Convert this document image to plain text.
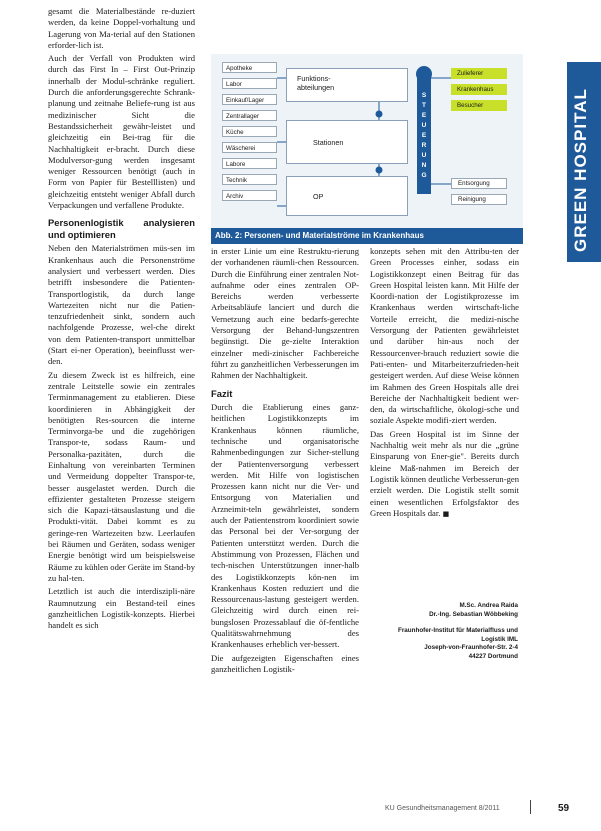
gesamt die Materialbestände re-duziert werden, da keine Doppel-vorhaltung und Lagerung von Ma-terial auf den Stationen erforder-lich ist.

Auch der Verfall von Produkten wird durch das First In – First Out-Prinzip innerhalb der Modul-schränke reguliert. Durch die anforderungsgerechte Schrank-planung und zeitnahe Beliefe-rung ist aus medizinischer Sicht die Bestandssicherheit gewähr-leistet und gleichzeitig ein Bei-trag für die Nachhaltigkeit er-bracht. Durch diese Modulversor-gung werden insgesamt weniger Ressourcen benötigt (auch in Form von Papier für Bestelllisten) und gleichzeitig entsteht weniger Abfall durch Verpackungen und verfallene Produkte.

Personenlogistik analysieren und optimieren

Neben den Materialströmen müs-sen im Krankenhaus auch die Personenströme analysiert und verbessert werden. Dies betrifft insbesondere die Patienten-Transportlogistik, da durch lange Wartezeiten nicht nur die Patien-tenzufriedenheit sinkt, sondern auch nachfolgende Prozesse, wel-che direkt von dem Patienten-transport unmittelbar (Start ei-ner Operation), beeinflusst wer-den.

Zu diesem Zweck ist es hilfreich, eine zentrale Leitstelle sowie ein zentrales Terminmanagement zu etablieren. Diese koordinieren in Abhängigkeit der benötigten Res-sourcen die interne Terminvorga-be und die zugehörigen Transpor-te, sodass Raum- und Personalka-pazitäten, durch die Einhaltung von vereinbarten Terminen und Vermeidung doppelter Transpor-te, besser ausgelastet werden. Durch die effizienter gestalteten Prozesse steigern sich die Kapazi-tätsauslastung und die Produkti-vität. Dabei kommt es zu geringe-ren Wartezeiten bzw. Leerlaufen bei Räumen und Geräten, sodass weniger Energie benötigt wird um beispielsweise Räume zu kühlen oder Geräte im Stand-by zu hal-ten.

Letztlich ist auch die interdiszipli-näre Raumnutzung ein Bestand-teil eines ganzheitlichen Logistik-konzepts. Hierbei handelt es sich

Apotheke
Labor
Einkauf/Lager
Zentrallager
Küche
Wäscherei
Labore
Technik
Archiv
Funktions-abteilungen
Stationen
OP
S
T
E
U
E
R
U
N
G
Zulieferer
Krankenhaus
Besucher
Entsorgung
Reinigung
Abb. 2: Personen- und Materialströme im Krankenhaus

in erster Linie um eine Restruktu-rierung der vorhandenen räumli-chen Ressourcen. Durch die Einführung einer zentralen Not-aufnahme oder eines zentralen OP-Bereichs werden verbesserte Arbeitsabläufe lanciert und durch die Vernetzung auch eine bedarfs-gerechte Versorgung der Behand-lungszentren begünstigt. Die ge-zielte Interaktion einzelner medi-zinischer Fachbereiche führt zu ganzheitlichen Verbesserungen im Rahmen der Nachhaltigkeit.

Fazit

Durch die Etablierung eines ganz-heitlichen Logistikkonzepts im Krankenhaus können räumliche, technische und organisatorische Rahmenbedingungen zur Sicher-stellung der Patientenversorgung verbessert werden. Mit Hilfe von logistischen Prozessen kann nicht nur die Ver- und Entsorgung von Materialien und Arzneimit-teln gewährleistet, sondern auch der Patientenstrom koordiniert sowie das Personal bei der Ver-sorgung der Patienten unterstützt werden. Durch die Abstimmung von Prozessen, Flächen und tech-nischen Unterstützungen inner-halb des Logistikkonzepts kön-nen im Krankenhaus Kosten reduziert und die Ressourcenaus-lastung gesteigert werden. Gleichzeitig wird durch einen rei-bungslosen Prozessablauf die öf-fentliche Qualitätswahrnehmung des Krankenhauses erheblich ver-bessert.

Die aufgezeigten Eigenschaften eines ganzheitlichen Logistik-

konzepts sehen mit den Attribu-ten der Green Processes einher, sodass ein Logistikkonzept einen Beitrag für das Green Hospital leisten kann. Mit Hilfe der Koordi-nation der Logistikprozesse im Krankenhaus werden wirtschaft-liche Vorteile erreicht, die medizi-nische Versorgung der Patienten gewährleistet und darüber hin-aus noch der Ressourcenver-brauch reduziert sowie die Pati-enten- und Mitarbeiterzufrieden-heit gesteigert werden. Auf diese Weise können im Rahmen des Green Hospitals alle drei Bereiche der Nachhaltigkeit bedient wer-den, da wirtschaftliche, ökologi-sche und soziale Aspekte modifi-ziert werden.

Das Green Hospital ist im Sinne der Nachhaltig weit mehr als nur die „grüne Einsparung von Ener-gie". Bereits durch kleine Maß-nahmen im Bereich der Logistik können deutliche Verbesserun-gen erzielt werden. Die Logistik stellt somit einen wesentlichen Erfolgsfaktor des Green Hospitals dar. ■

M.Sc. Andrea Raida
Dr.-Ing. Sebastian Wöbbeking
Fraunhofer-Institut für Materialfluss und
Logistik IML
Joseph-von-Fraunhofer-Str. 2-4
44227 Dortmund
GREEN HOSPITAL
KU Gesundheitsmanagement 8/2011	59
